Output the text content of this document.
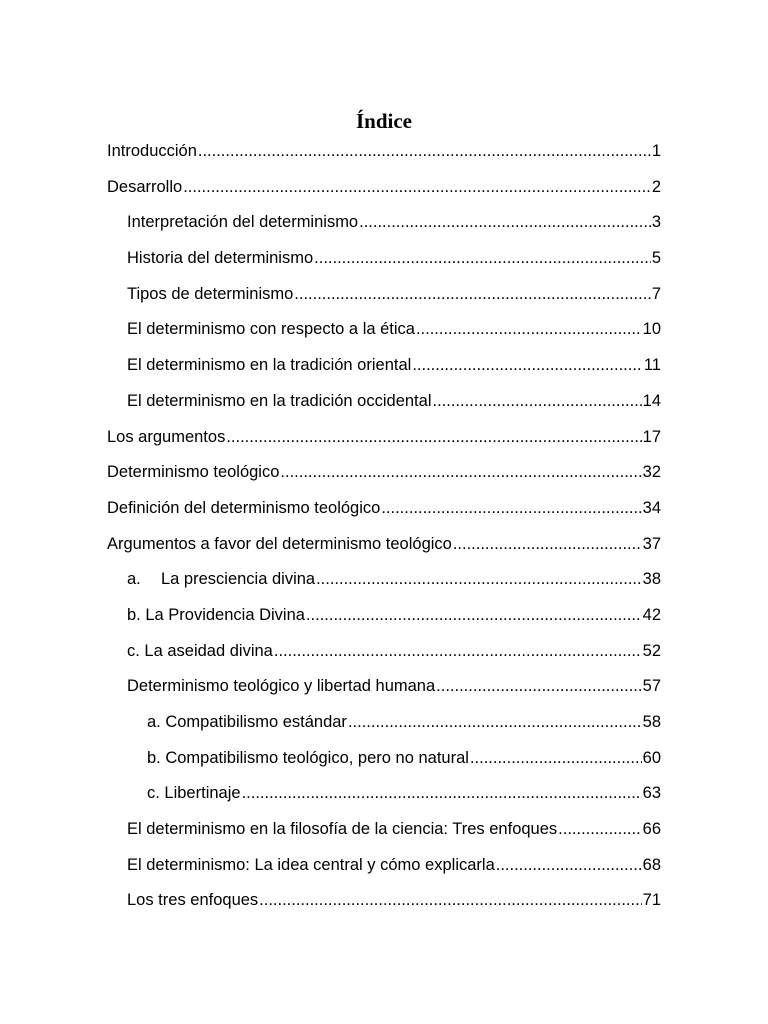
Índice
Introducción .....	1
Desarrollo .....	2
Interpretación del determinismo .....	3
Historia del determinismo .....	5
Tipos de determinismo .....	7
El determinismo con respecto a la ética .....	10
El determinismo en la tradición oriental .....	11
El determinismo en la tradición occidental .....	14
Los argumentos .....	17
Determinismo teológico .....	32
Definición del determinismo teológico .....	34
Argumentos a favor del determinismo teológico .....	37
a. La presciencia divina .....	38
b. La Providencia Divina .....	42
c. La aseidad divina .....	52
Determinismo teológico y libertad humana .....	57
a. Compatibilismo estándar .....	58
b. Compatibilismo teológico, pero no natural .....	60
c. Libertinaje .....	63
El determinismo en la filosofía de la ciencia: Tres enfoques .....	66
El determinismo: La idea central y cómo explicarla .....	68
Los tres enfoques .....	71
